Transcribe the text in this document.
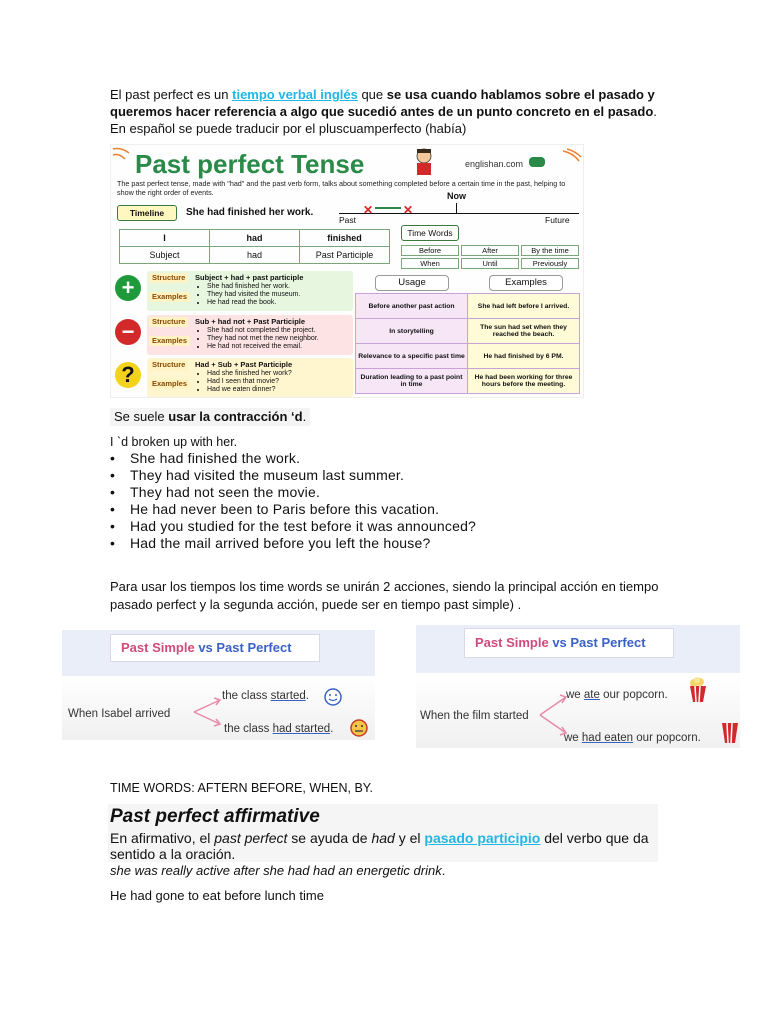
El past perfect es un tiempo verbal inglés que se usa cuando hablamos sobre el pasado y queremos hacer referencia a algo que sucedió antes de un punto concreto en el pasado. En español se puede traducir por el pluscuamperfecto (había)
Past perfect Tense	englishan.com
The past perfect tense, made with "had" and the past verb form, talks about something completed before a certain time in the past, helping to show the right order of events.
Timeline	She had finished her work.
Now
Past	Future
✕ ✕
I	had	finished
Subject	had	Past Participle
Time Words
Before	After	By the time
When	Until	Previously
+	Structure	Subject + had + past participle
Examples
• She had finished her work.
• They had visited the museum.
• He had read the book.
−	Structure	Sub + had not + Past Participle
Examples
• She had not completed the project.
• They had not met the new neighbor.
• He had not received the email.
?	Structure	Had + Sub + Past Participle
Examples
• Had she finished her work?
• Had I seen that movie?
• Had we eaten dinner?
Usage	Examples
Before another past action	She had left before I arrived.
In storytelling	The sun had set when they reached the beach.
Relevance to a specific past time	He had finished by 6 PM.
Duration leading to a past point in time	He had been working for three hours before the meeting.
Se suele usar la contracción ‘d.
I `d broken up with her.
• She had finished the work.
• They had visited the museum last summer.
• They had not seen the movie.
• He had never been to Paris before this vacation.
• Had you studied for the test before it was announced?
• Had the mail arrived before you left the house?
Para usar los tiempos los time words se unirán 2 acciones, siendo la principal acción en tiempo pasado perfect y la segunda acción, puede ser en tiempo past simple) .
Past Simple vs Past Perfect
When Isabel arrived
the class started.
the class had started.
Past Simple vs Past Perfect
When the film started
we ate our popcorn.
we had eaten our popcorn.
TIME WORDS: AFTERN BEFORE, WHEN, BY.
Past perfect affirmative
En afirmativo, el past perfect se ayuda de had y el pasado participio del verbo que da sentido a la oración.
she was really active after she had had an energetic drink.
He had gone to eat before lunch time
